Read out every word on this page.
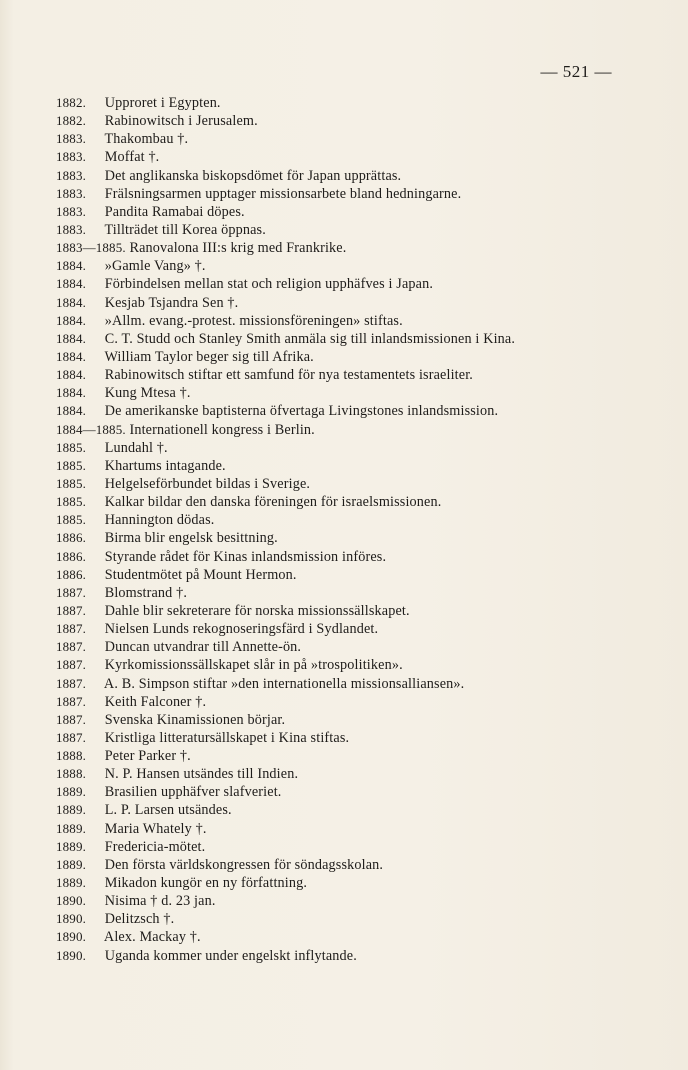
— 521 —
1882. Upproret i Egypten.
1882. Rabinowitsch i Jerusalem.
1883. Thakombau †.
1883. Moffat †.
1883. Det anglikanska biskopsdömet för Japan upprättas.
1883. Frälsningsarmen upptager missionsarbete bland hedningarne.
1883. Pandita Ramabai döpes.
1883. Tillträdet till Korea öppnas.
1883—1885. Ranovalona III:s krig med Frankrike.
1884. »Gamle Vang» †.
1884. Förbindelsen mellan stat och religion upphäfves i Japan.
1884. Kesjab Tsjandra Sen †.
1884. »Allm. evang.-protest. missionsföreningen» stiftas.
1884. C. T. Studd och Stanley Smith anmäla sig till inlandsmissionen i Kina.
1884. William Taylor beger sig till Afrika.
1884. Rabinowitsch stiftar ett samfund för nya testamentets israeliter.
1884. Kung Mtesa †.
1884. De amerikanske baptisterna öfvertaga Livingstones inlandsmission.
1884—1885. Internationell kongress i Berlin.
1885. Lundahl †.
1885. Khartums intagande.
1885. Helgelseförbundet bildas i Sverige.
1885. Kalkar bildar den danska föreningen för israelsmissionen.
1885. Hannington dödas.
1886. Birma blir engelsk besittning.
1886. Styrande rådet för Kinas inlandsmission införes.
1886. Studentmötet på Mount Hermon.
1887. Blomstrand †.
1887. Dahle blir sekreterare för norska missionssällskapet.
1887. Nielsen Lunds rekognoseringsfärd i Sydlandet.
1887. Duncan utvandrar till Annette-ön.
1887. Kyrkomissionssällskapet slår in på »trospolitiken».
1887. A. B. Simpson stiftar »den internationella missionsalliansen».
1887. Keith Falconer †.
1887. Svenska Kinamissionen börjar.
1887. Kristliga litteratursällskapet i Kina stiftas.
1888. Peter Parker †.
1888. N. P. Hansen utsändes till Indien.
1889. Brasilien upphäfver slafveriet.
1889. L. P. Larsen utsändes.
1889. Maria Whately †.
1889. Fredericia-mötet.
1889. Den första världskongressen för söndagsskolan.
1889. Mikadon kungör en ny författning.
1890. Nisima † d. 23 jan.
1890. Delitzsch †.
1890. Alex. Mackay †.
1890. Uganda kommer under engelskt inflytande.
